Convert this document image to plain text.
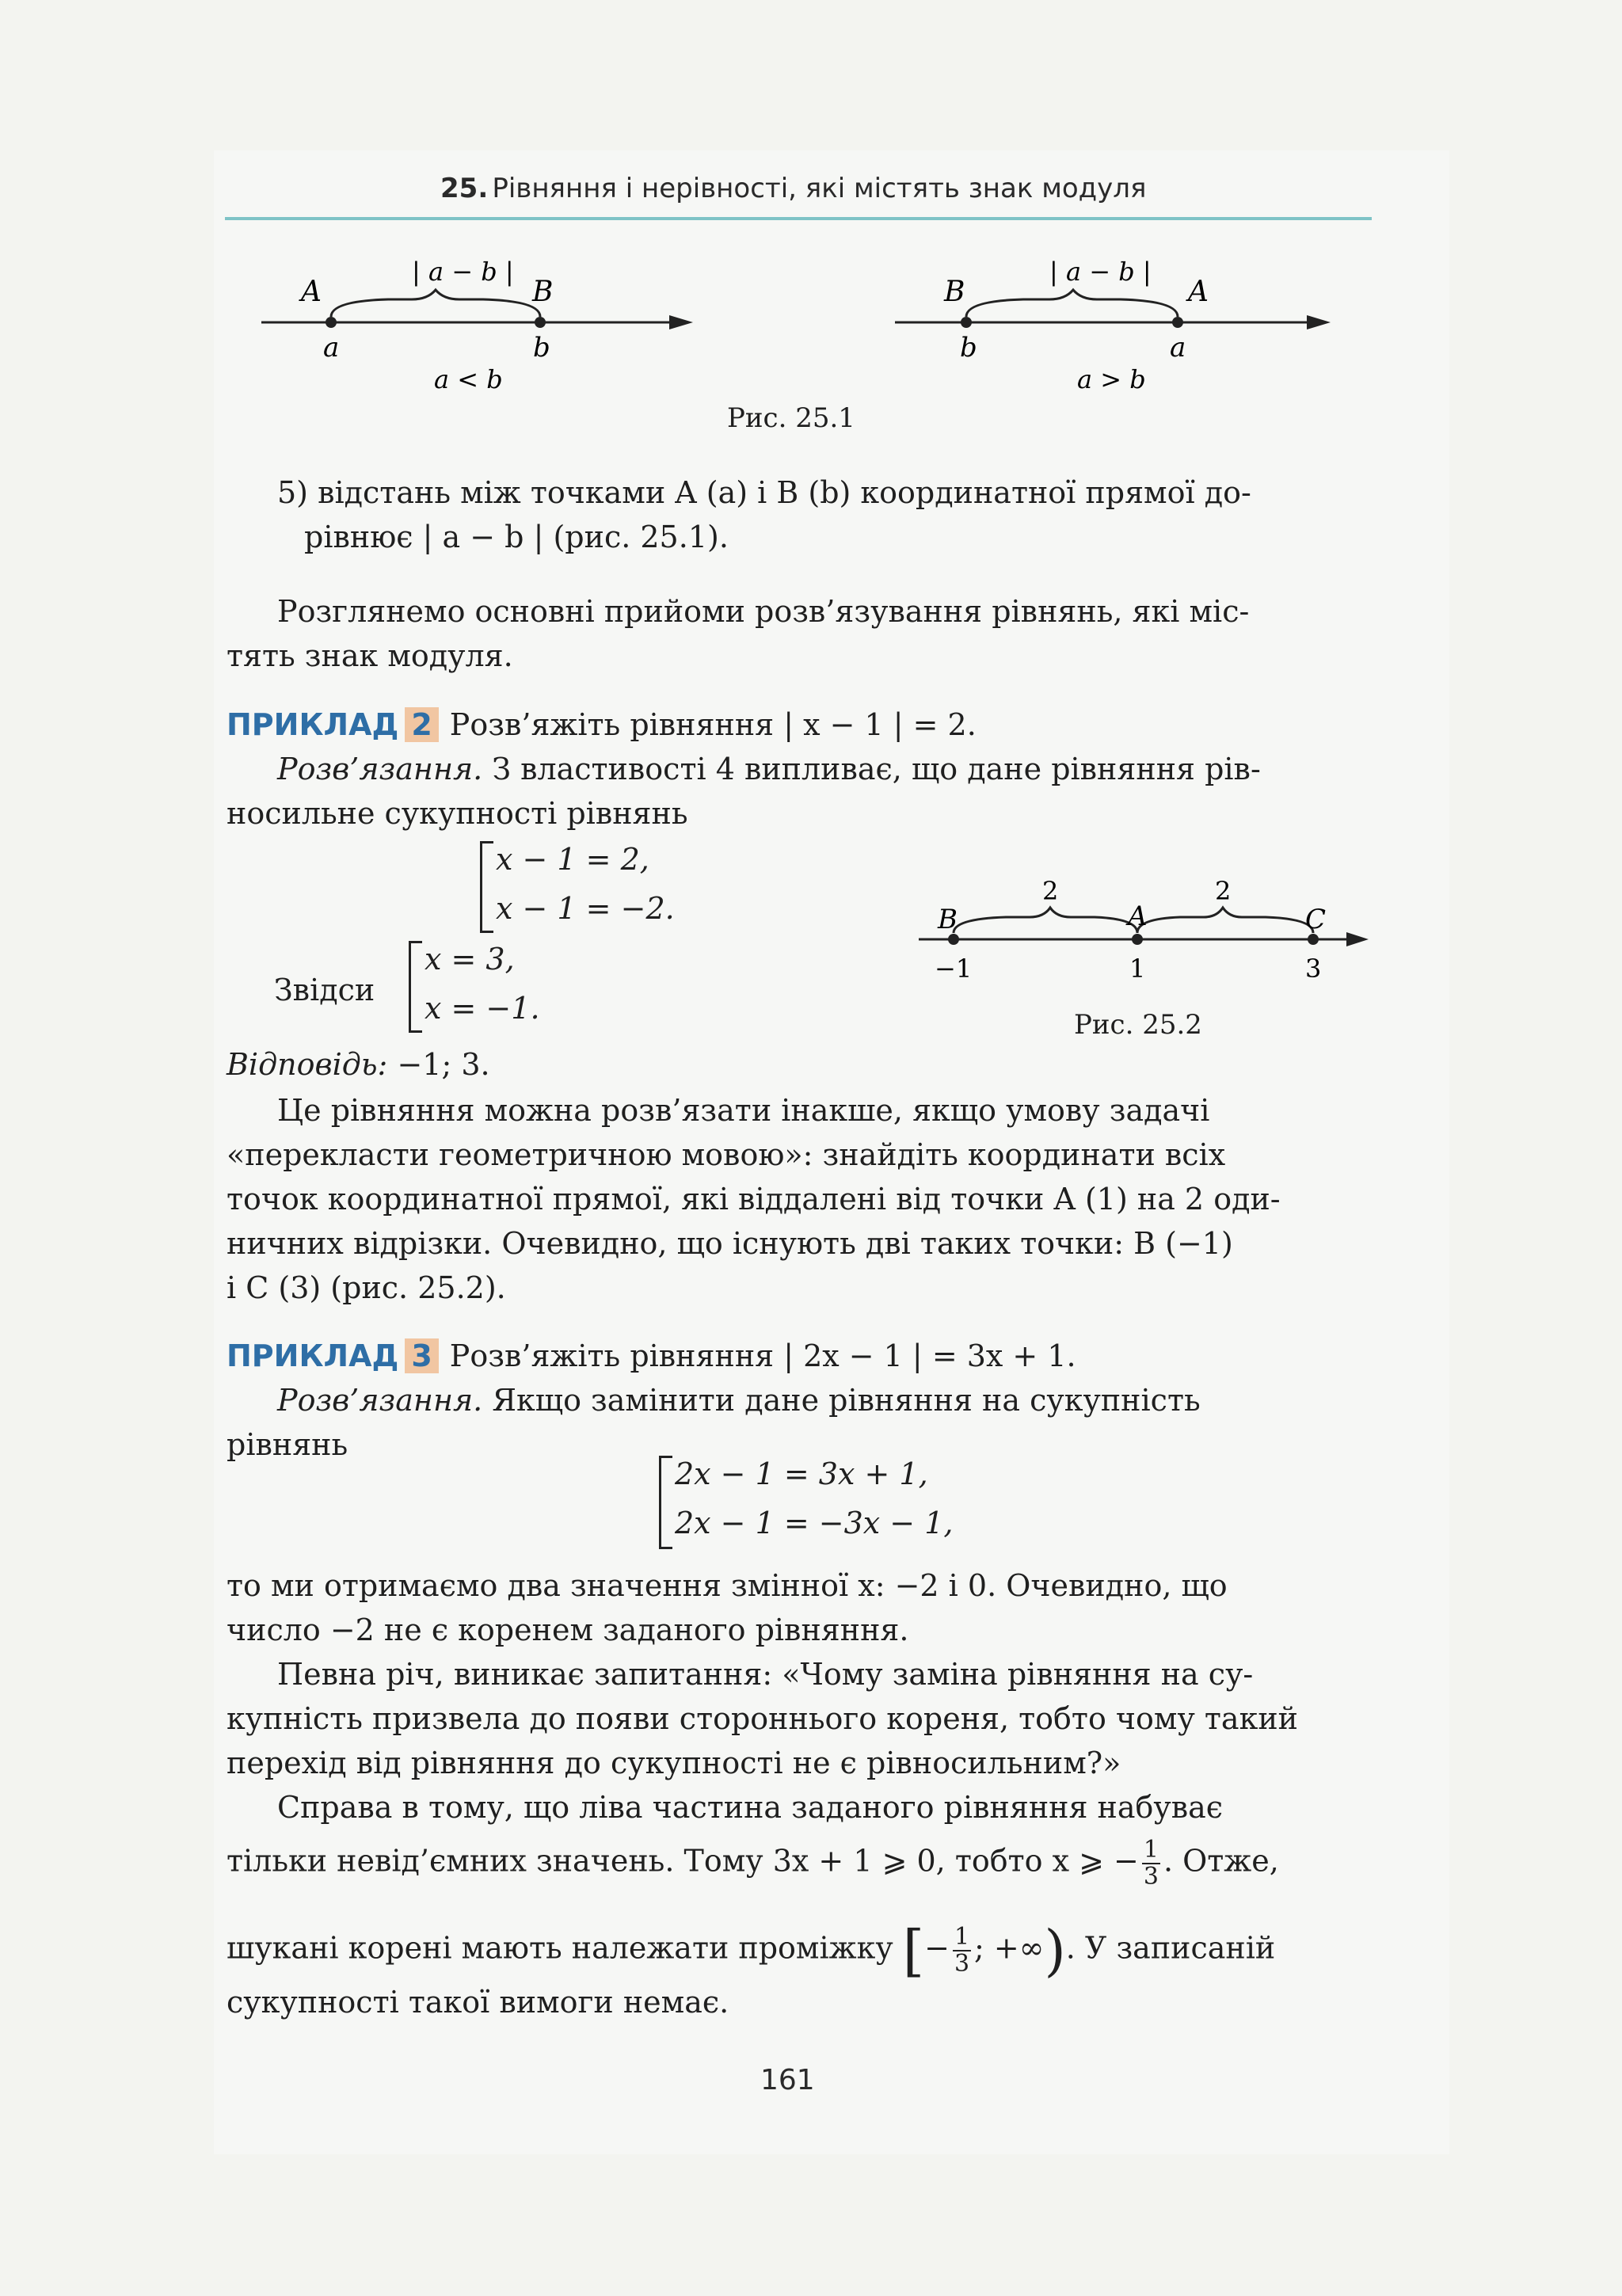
25. Рівняння і нерівності, які містять знак модуля
A	B
| a − b |
a	b
a < b
B	A
| a − b |
b	a
a > b
Рис. 25.1
5) відстань між точками A (a) і B (b) координатної прямої до-
рівнює | a − b | (рис. 25.1).
Розглянемо основні прийоми розв’язування рівнянь, які міс-
тять знак модуля.
ПРИКЛАД 2 Розв’яжіть рівняння | x − 1 | = 2.
Розв’язання. З властивості 4 випливає, що дане рівняння рів-
носильне сукупності рівнянь
x − 1 = 2,
x − 1 = −2.
Звідси
x = 3,
x = −1.
Відповідь: −1; 3.
B	A	C
2	2
−1	1	3
Рис. 25.2
Це рівняння можна розв’язати інакше, якщо умову задачі
«перекласти геометричною мовою»: знайдіть координати всіх
точок координатної прямої, які віддалені від точки A (1) на 2 оди-
ничних відрізки. Очевидно, що існують дві таких точки: B (−1)
і C (3) (рис. 25.2).
ПРИКЛАД 3 Розв’яжіть рівняння | 2x − 1 | = 3x + 1.
Розв’язання. Якщо замінити дане рівняння на сукупність
рівнянь
2x − 1 = 3x + 1,
2x − 1 = −3x − 1,
то ми отримаємо два значення змінної x: −2 і 0. Очевидно, що
число −2 не є коренем заданого рівняння.
Певна річ, виникає запитання: «Чому заміна рівняння на су-
купність призвела до появи стороннього кореня, тобто чому такий
перехід від рівняння до сукупності не є рівносильним?»
Справа в тому, що ліва частина заданого рівняння набуває
тільки невід’ємних значень. Тому 3x + 1 ⩾ 0, тобто x ⩾ − $\frac{1}{3}$ . Отже,
шукані корені мають належати проміжку [− $\frac{1}{3}$ ; +∞). У записаній
сукупності такої вимоги немає.
161
